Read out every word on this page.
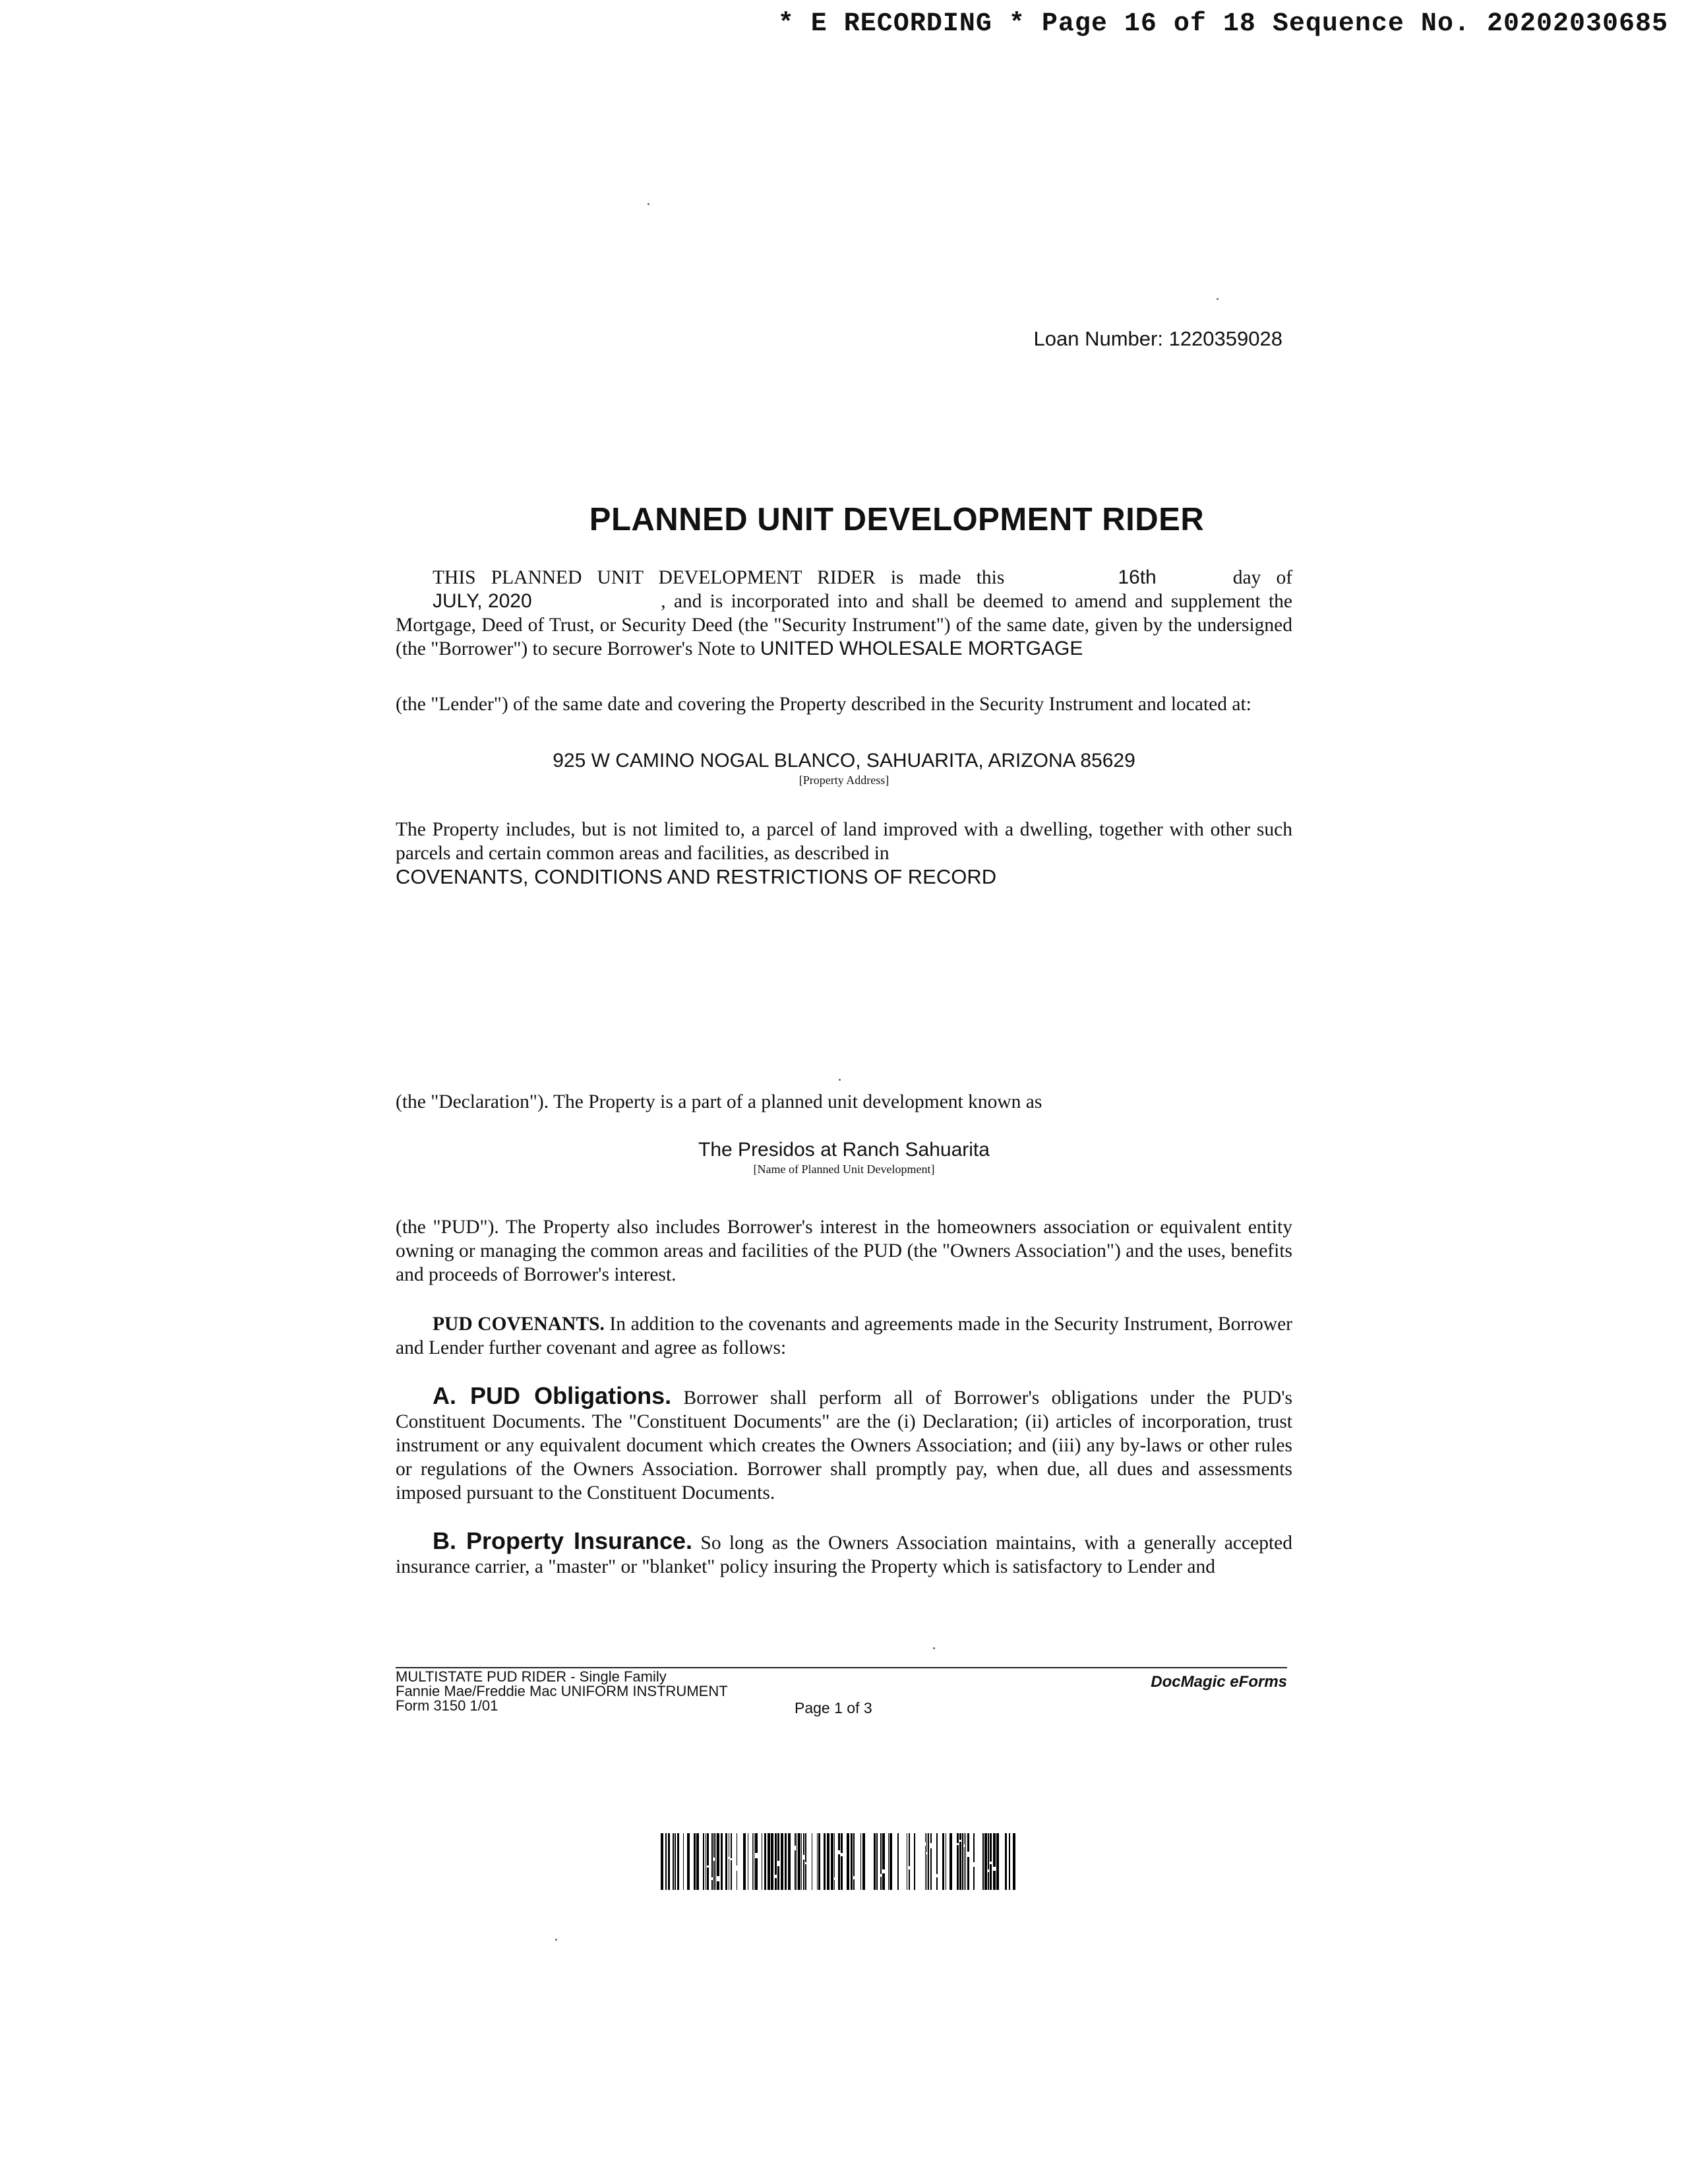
* E RECORDING * Page 16 of 18 Sequence No. 20202030685
Loan Number: 1220359028
PLANNED UNIT DEVELOPMENT RIDER
THIS PLANNED UNIT DEVELOPMENT RIDER is made this	16th	day of JULY, 2020	, and is incorporated into and shall be deemed to amend and supplement the Mortgage, Deed of Trust, or Security Deed (the "Security Instrument") of the same date, given by the undersigned (the "Borrower") to secure Borrower's Note to UNITED WHOLESALE MORTGAGE
(the "Lender") of the same date and covering the Property described in the Security Instrument and located at:
925 W CAMINO NOGAL BLANCO, SAHUARITA, ARIZONA 85629
[Property Address]
The Property includes, but is not limited to, a parcel of land improved with a dwelling, together with other such parcels and certain common areas and facilities, as described in
COVENANTS, CONDITIONS AND RESTRICTIONS OF RECORD
(the "Declaration"). The Property is a part of a planned unit development known as
The Presidos at Ranch Sahuarita
[Name of Planned Unit Development]
(the "PUD"). The Property also includes Borrower's interest in the homeowners association or equivalent entity owning or managing the common areas and facilities of the PUD (the "Owners Association") and the uses, benefits and proceeds of Borrower's interest.
PUD COVENANTS. In addition to the covenants and agreements made in the Security Instrument, Borrower and Lender further covenant and agree as follows:
A. PUD Obligations. Borrower shall perform all of Borrower's obligations under the PUD's Constituent Documents. The "Constituent Documents" are the (i) Declaration; (ii) articles of incorporation, trust instrument or any equivalent document which creates the Owners Association; and (iii) any by-laws or other rules or regulations of the Owners Association. Borrower shall promptly pay, when due, all dues and assessments imposed pursuant to the Constituent Documents.
B. Property Insurance. So long as the Owners Association maintains, with a generally accepted insurance carrier, a "master" or "blanket" policy insuring the Property which is satisfactory to Lender and
MULTISTATE PUD RIDER - Single Family
Fannie Mae/Freddie Mac UNIFORM INSTRUMENT
Form 3150 1/01	Page 1 of 3
DocMagic eForms
